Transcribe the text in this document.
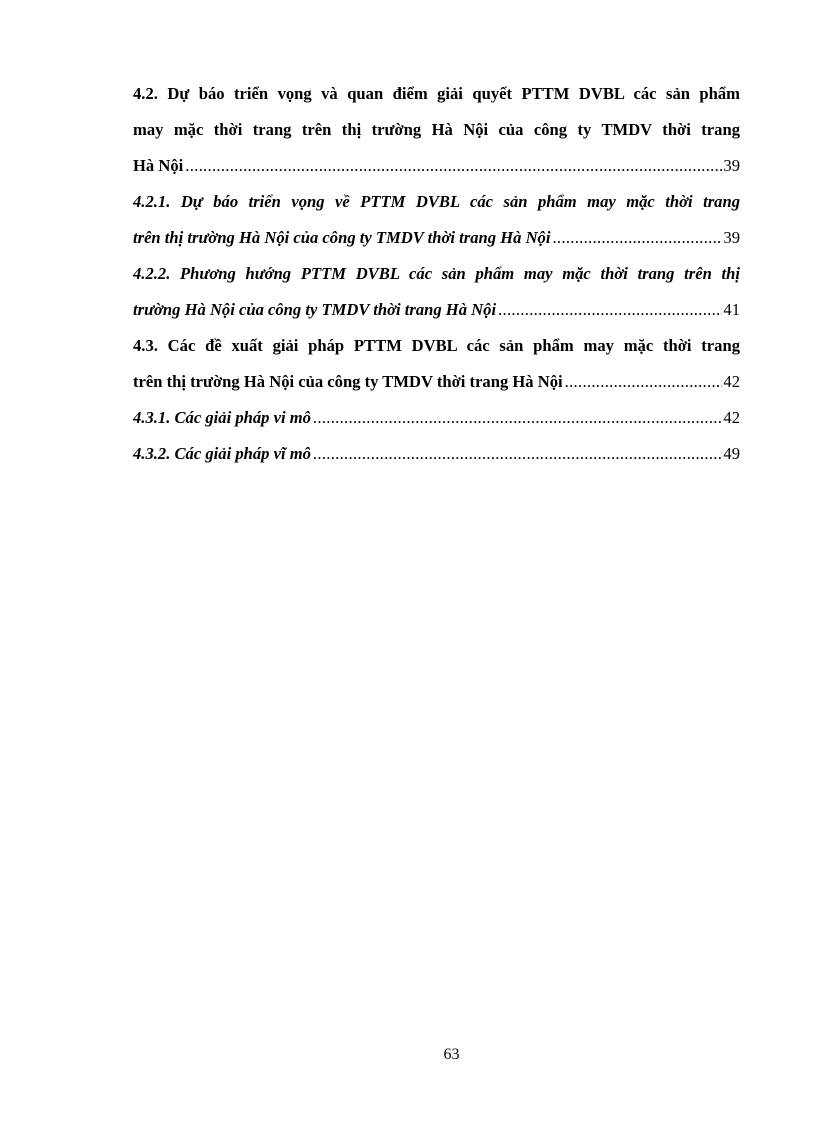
4.2. Dự báo triển vọng và quan điểm giải quyết PTTM DVBL các sản phẩm
may mặc thời trang trên thị trường Hà Nội của công ty TMDV thời trang
Hà Nội .....	39
4.2.1. Dự báo triển vọng về PTTM DVBL các sản phẩm may mặc thời trang
trên thị trường Hà Nội của công ty TMDV thời trang Hà Nội .....	39
4.2.2. Phương hướng PTTM DVBL các sản phẩm may mặc thời trang trên thị
trường Hà Nội của công ty TMDV thời trang Hà Nội .....	41
4.3. Các đề xuất giải pháp PTTM DVBL các sản phẩm may mặc thời trang
trên thị trường Hà Nội của công ty TMDV thời trang Hà Nội .....	42
4.3.1. Các giải pháp vi mô .....	42
4.3.2. Các giải pháp vĩ mô .....	49
63
